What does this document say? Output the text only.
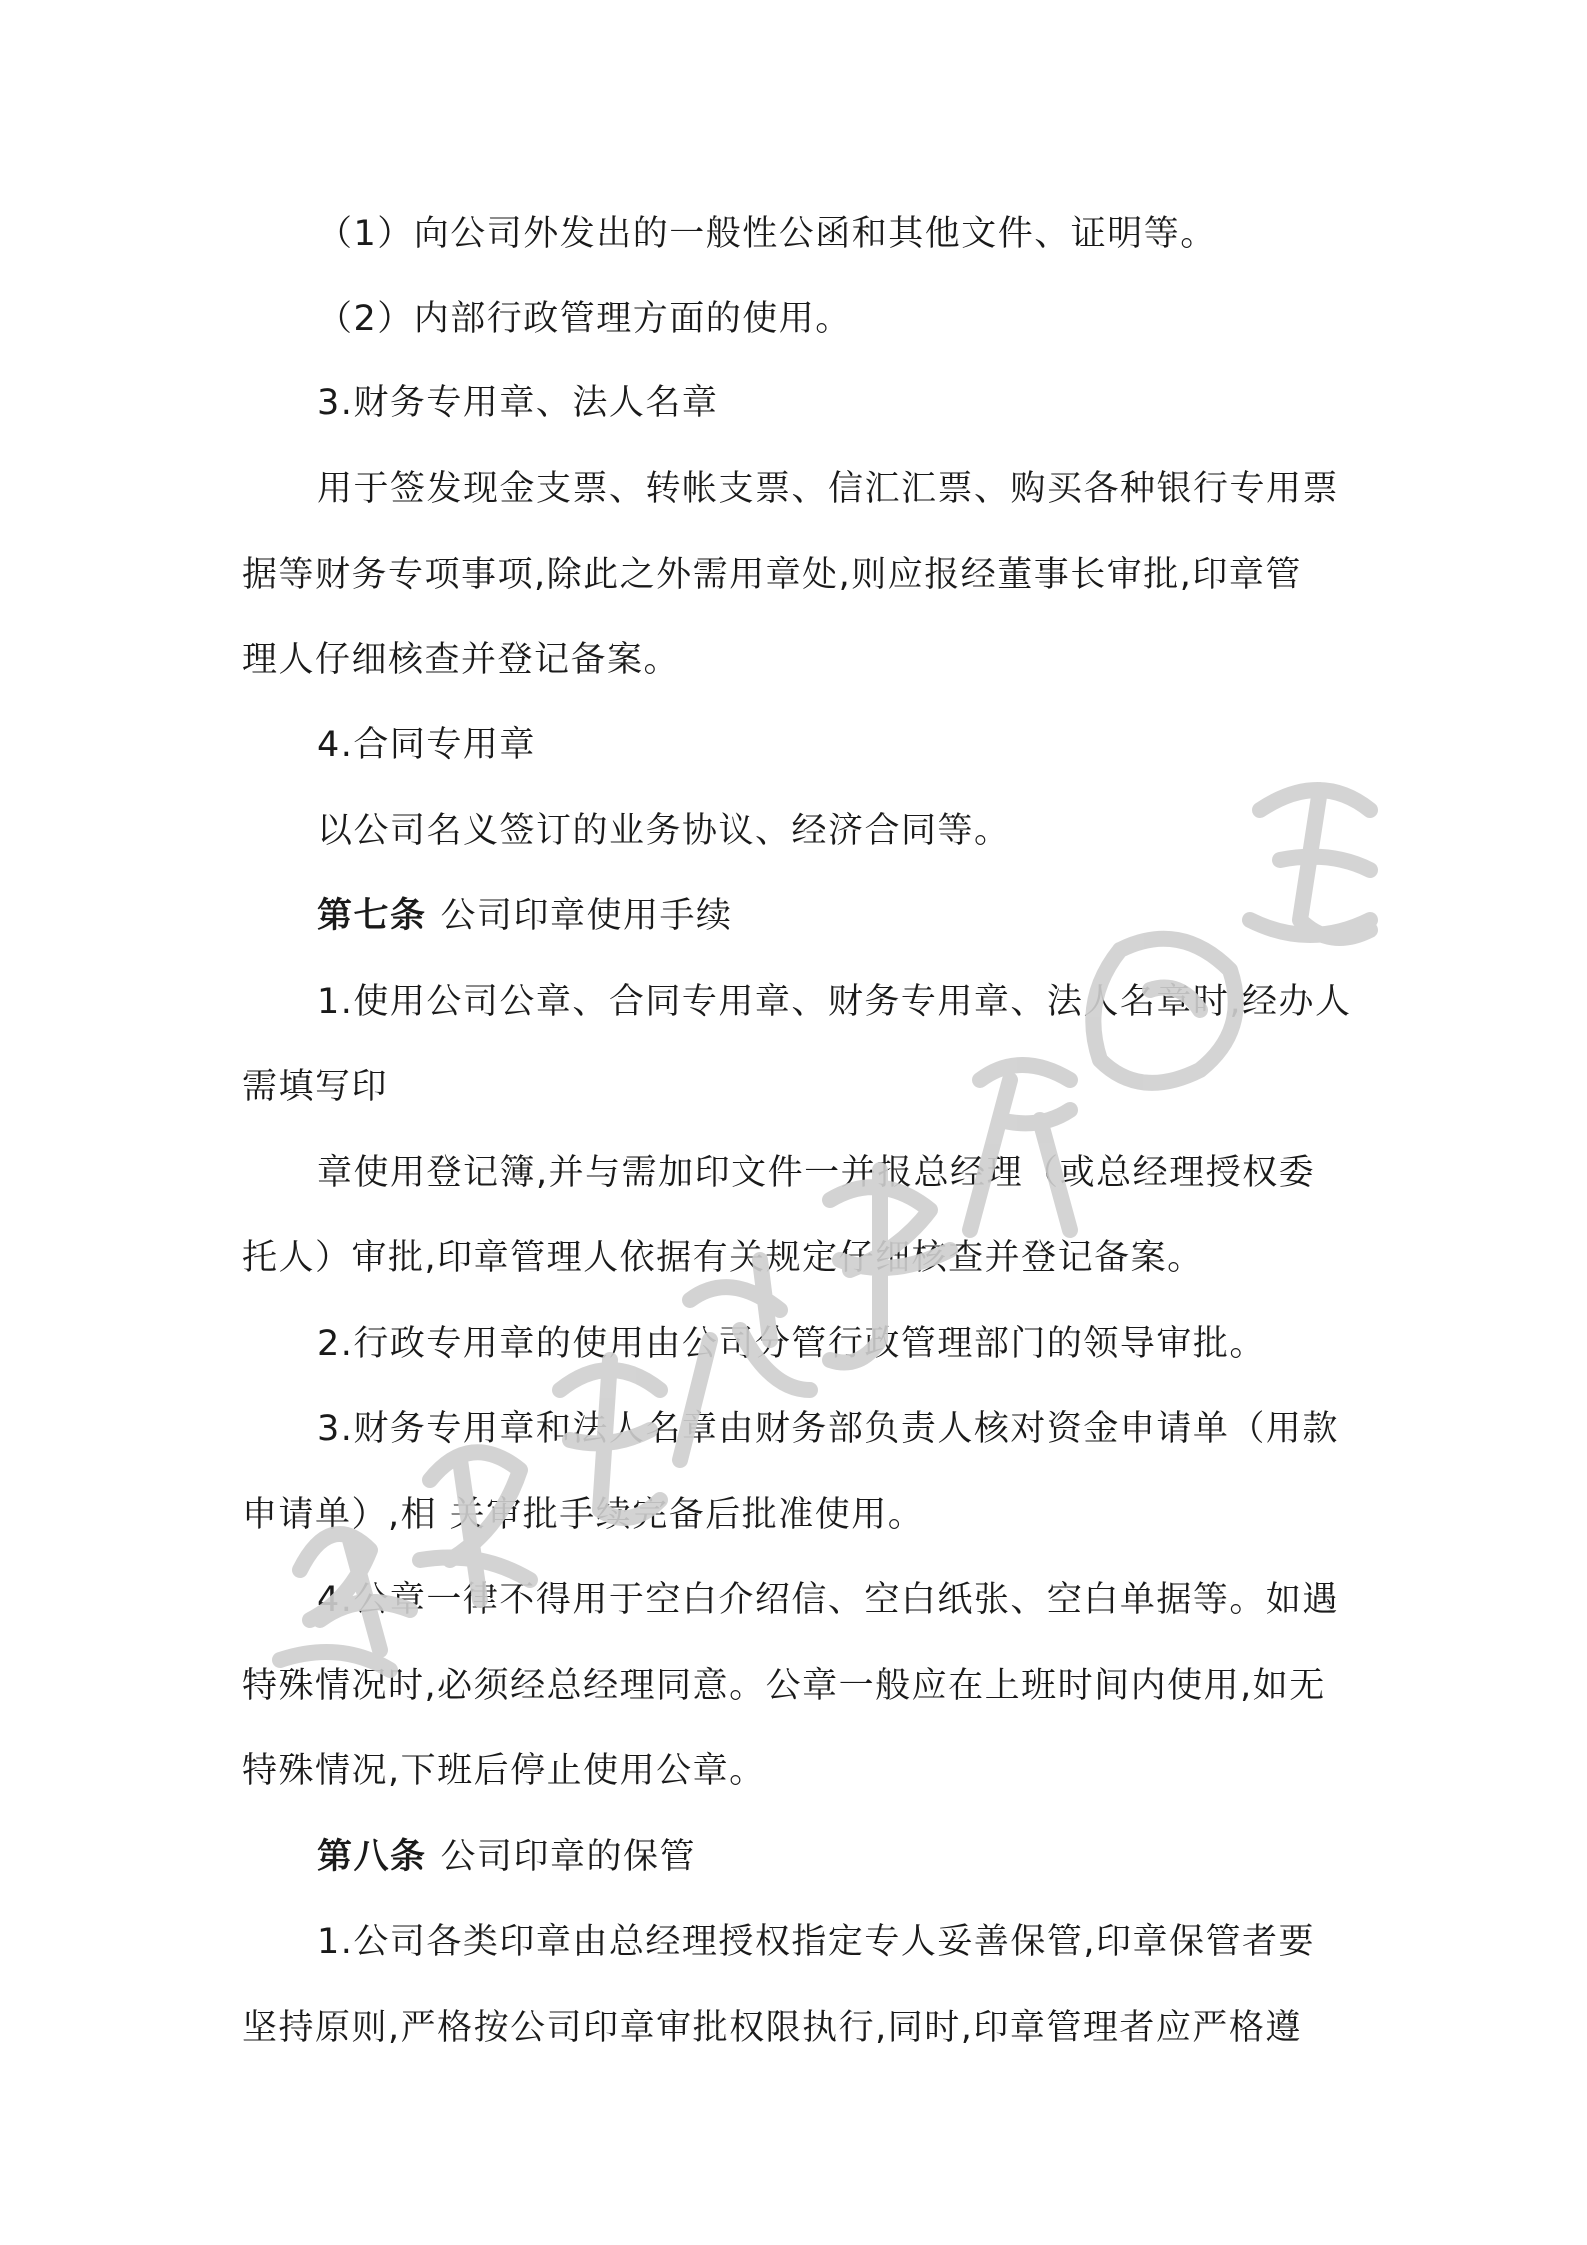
（1）向公司外发出的一般性公函和其他文件、证明等。
（2）内部行政管理方面的使用。
3.财务专用章、法人名章
用于签发现金支票、转帐支票、信汇汇票、购买各种银行专用票
据等财务专项事项,除此之外需用章处,则应报经董事长审批,印章管
理人仔细核查并登记备案。
4.合同专用章
以公司名义签订的业务协议、经济合同等。
第七条 公司印章使用手续
1.使用公司公章、合同专用章、财务专用章、法人名章时,经办人
需填写印
章使用登记簿,并与需加印文件一并报总经理（或总经理授权委
托人）审批,印章管理人依据有关规定仔细核查并登记备案。
2.行政专用章的使用由公司分管行政管理部门的领导审批。
3.财务专用章和法人名章由财务部负责人核对资金申请单（用款
申请单）,相 关审批手续完备后批准使用。
4.公章一律不得用于空白介绍信、空白纸张、空白单据等。如遇
特殊情况时,必须经总经理同意。公章一般应在上班时间内使用,如无
特殊情况,下班后停止使用公章。
第八条 公司印章的保管
1.公司各类印章由总经理授权指定专人妥善保管,印章保管者要
坚持原则,严格按公司印章审批权限执行,同时,印章管理者应严格遵
